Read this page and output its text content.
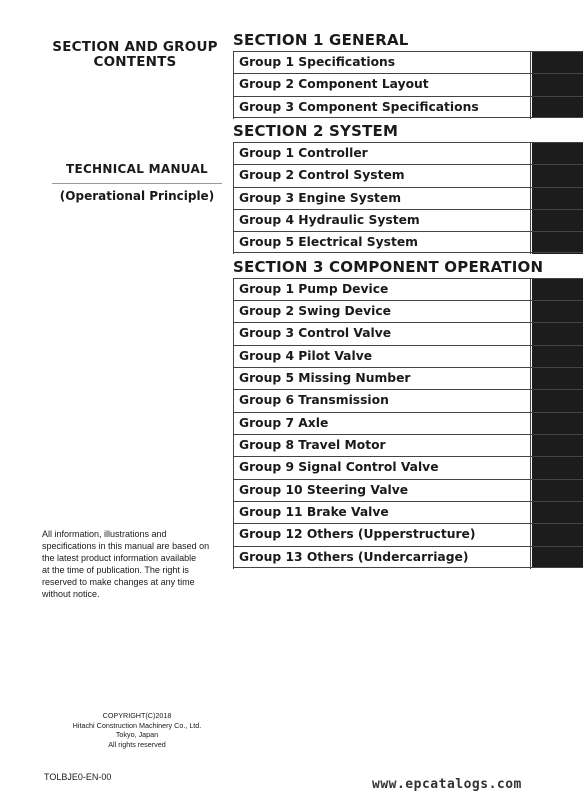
SECTION AND GROUP
CONTENTS
TECHNICAL MANUAL
(Operational Principle)
All information, illustrations and
specifications in this manual are based on
the latest product information available
at the time of publication. The right is
reserved to make changes at any time
without notice.
COPYRIGHT(C)2018
Hitachi Construction Machinery Co., Ltd.
Tokyo, Japan
All rights reserved
TOLBJE0-EN-00	www.epcatalogs.com
SECTION 1 GENERAL
Group 1 Specifications
Group 2 Component Layout
Group 3 Component Specifications
SECTION 2 SYSTEM
Group 1 Controller
Group 2 Control System
Group 3 Engine System
Group 4 Hydraulic System
Group 5 Electrical System
SECTION 3 COMPONENT OPERATION
Group 1 Pump Device
Group 2 Swing Device
Group 3 Control Valve
Group 4 Pilot Valve
Group 5 Missing Number
Group 6 Transmission
Group 7 Axle
Group 8 Travel Motor
Group 9 Signal Control Valve
Group 10 Steering Valve
Group 11 Brake Valve
Group 12 Others (Upperstructure)
Group 13 Others (Undercarriage)
